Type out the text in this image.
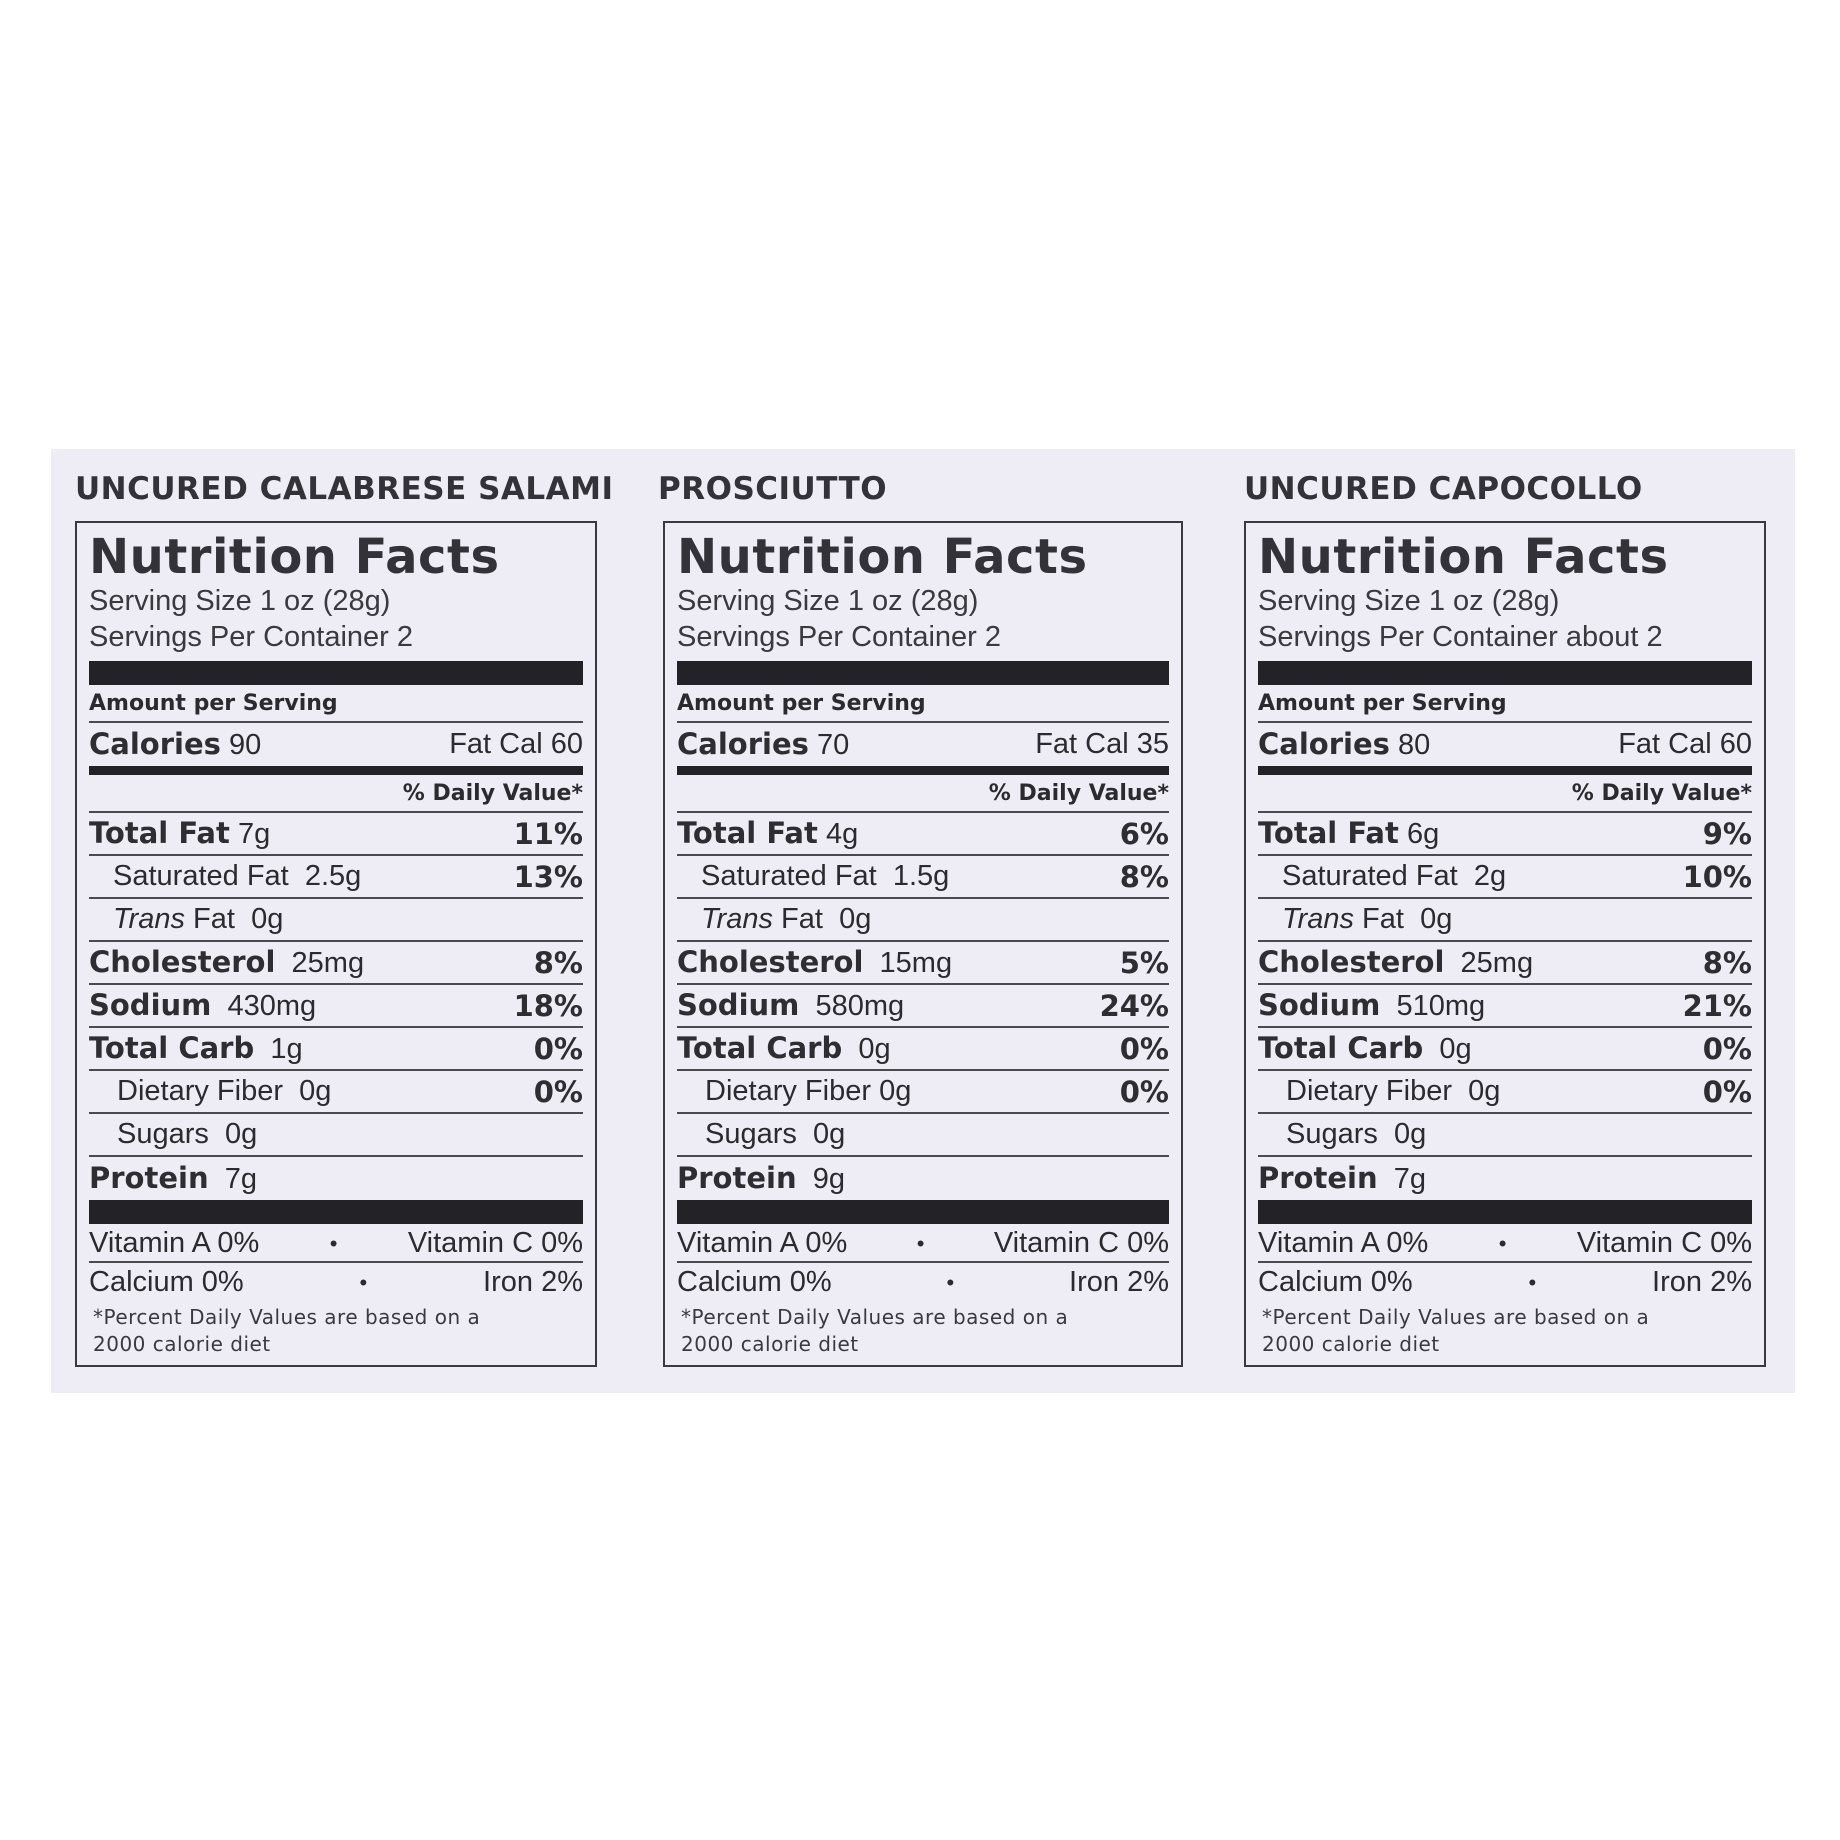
UNCURED CALABRESE SALAMI
Nutrition Facts
Serving Size 1 oz (28g)
Servings Per Container 2
Amount per Serving
Calories 90	Fat Cal 60
% Daily Value*
Total Fat 7g	11%
Saturated Fat 2.5g	13%
Trans Fat 0g
Cholesterol 25mg	8%
Sodium 430mg	18%
Total Carb 1g	0%
Dietary Fiber 0g	0%
Sugars 0g
Protein 7g
Vitamin A 0%	• Vitamin C 0%
Calcium 0%	•	Iron 2%
*Percent Daily Values are based on a
2000 calorie diet
PROSCIUTTO
Nutrition Facts
Serving Size 1 oz (28g)
Servings Per Container 2
Amount per Serving
Calories 70	Fat Cal 35
% Daily Value*
Total Fat 4g	6%
Saturated Fat 1.5g	8%
Trans Fat 0g
Cholesterol 15mg	5%
Sodium 580mg	24%
Total Carb 0g	0%
Dietary Fiber 0g	0%
Sugars 0g
Protein 9g
Vitamin A 0%	• Vitamin C 0%
Calcium 0%	•	Iron 2%
*Percent Daily Values are based on a
2000 calorie diet
UNCURED CAPOCOLLO
Nutrition Facts
Serving Size 1 oz (28g)
Servings Per Container about 2
Amount per Serving
Calories 80	Fat Cal 60
% Daily Value*
Total Fat 6g	9%
Saturated Fat 2g	10%
Trans Fat 0g
Cholesterol 25mg	8%
Sodium 510mg	21%
Total Carb 0g	0%
Dietary Fiber 0g	0%
Sugars 0g
Protein 7g
Vitamin A 0%	• Vitamin C 0%
Calcium 0%	•	Iron 2%
*Percent Daily Values are based on a
2000 calorie diet
